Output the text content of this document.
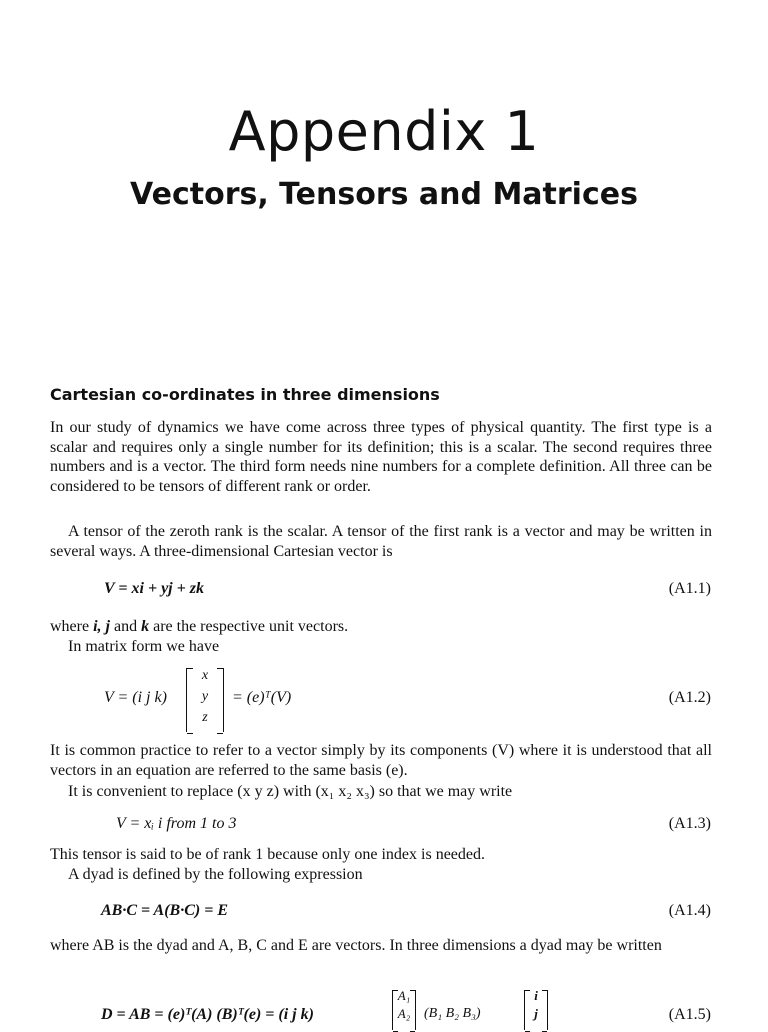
Appendix 1
Vectors, Tensors and Matrices
Cartesian co-ordinates in three dimensions

In our study of dynamics we have come across three types of physical quantity. The first type is a scalar and requires only a single number for its definition; this is a scalar. The second requires three numbers and is a vector. The third form needs nine numbers for a complete definition. All three can be considered to be tensors of different rank or order.

A tensor of the zeroth rank is the scalar. A tensor of the first rank is a vector and may be written in several ways. A three-dimensional Cartesian vector is

V = xi + yj + zk	(A1.1)

where i, j and k are the respective unit vectors.

In matrix form we have

V = (i j k)
x
y
z
= (e)ᵀ(V)	(A1.2)

It is common practice to refer to a vector simply by its components (V) where it is understood that all vectors in an equation are referred to the same basis (e).

It is convenient to replace (x y z) with (x₁ x₂ x₃) so that we may write

V = xᵢ i from 1 to 3	(A1.3)

This tensor is said to be of rank 1 because only one index is needed.

A dyad is defined by the following expression

AB·C = A(B·C) = E	(A1.4)

where AB is the dyad and A, B, C and E are vectors. In three dimensions a dyad may be written

D = AB = (e)ᵀ(A) (B)ᵀ(e) = (i j k)
A₁
A₂ (B₁ B₂ B₃)
i
j	(A1.5)
